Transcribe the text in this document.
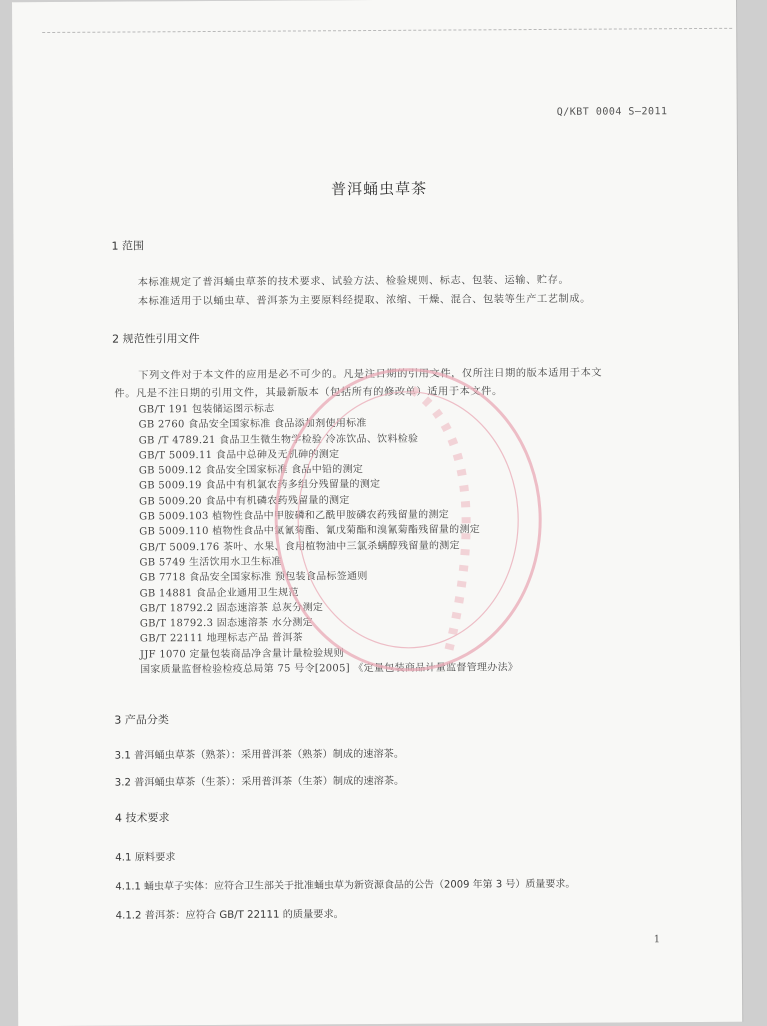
Q/KBT 0004 S—2011
普洱蛹虫草茶
1 范围
本标准规定了普洱蛹虫草茶的技术要求、试验方法、检验规则、标志、包装、运输、贮存。
本标准适用于以蛹虫草、普洱茶为主要原料经提取、浓缩、干燥、混合、包装等生产工艺制成。
2 规范性引用文件
下列文件对于本文件的应用是必不可少的。凡是注日期的引用文件，仅所注日期的版本适用于本文
件。凡是不注日期的引用文件，其最新版本（包括所有的修改单）适用于本文件。
GB/T 191 包装储运图示标志
GB 2760 食品安全国家标准 食品添加剂使用标准
GB /T 4789.21 食品卫生微生物学检验 冷冻饮品、饮料检验
GB/T 5009.11 食品中总砷及无机砷的测定
GB 5009.12 食品安全国家标准 食品中铅的测定
GB 5009.19 食品中有机氯农药多组分残留量的测定
GB 5009.20 食品中有机磷农药残留量的测定
GB 5009.103 植物性食品中甲胺磷和乙酰甲胺磷农药残留量的测定
GB 5009.110 植物性食品中氯氰菊酯、氰戊菊酯和溴氰菊酯残留量的测定
GB/T 5009.176 茶叶、水果、食用植物油中三氯杀螨醇残留量的测定
GB 5749 生活饮用水卫生标准
GB 7718 食品安全国家标准 预包装食品标签通则
GB 14881 食品企业通用卫生规范
GB/T 18792.2 固态速溶茶 总灰分测定
GB/T 18792.3 固态速溶茶 水分测定
GB/T 22111 地理标志产品 普洱茶
JJF 1070 定量包装商品净含量计量检验规则
国家质量监督检验检疫总局第 75 号令[2005] 《定量包装商品计量监督管理办法》
3 产品分类
3.1 普洱蛹虫草茶（熟茶）：采用普洱茶（熟茶）制成的速溶茶。
3.2 普洱蛹虫草茶（生茶）：采用普洱茶（生茶）制成的速溶茶。
4 技术要求
4.1 原料要求
4.1.1 蛹虫草子实体：应符合卫生部关于批准蛹虫草为新资源食品的公告（2009 年第 3 号）质量要求。
4.1.2 普洱茶：应符合 GB/T 22111 的质量要求。
1
